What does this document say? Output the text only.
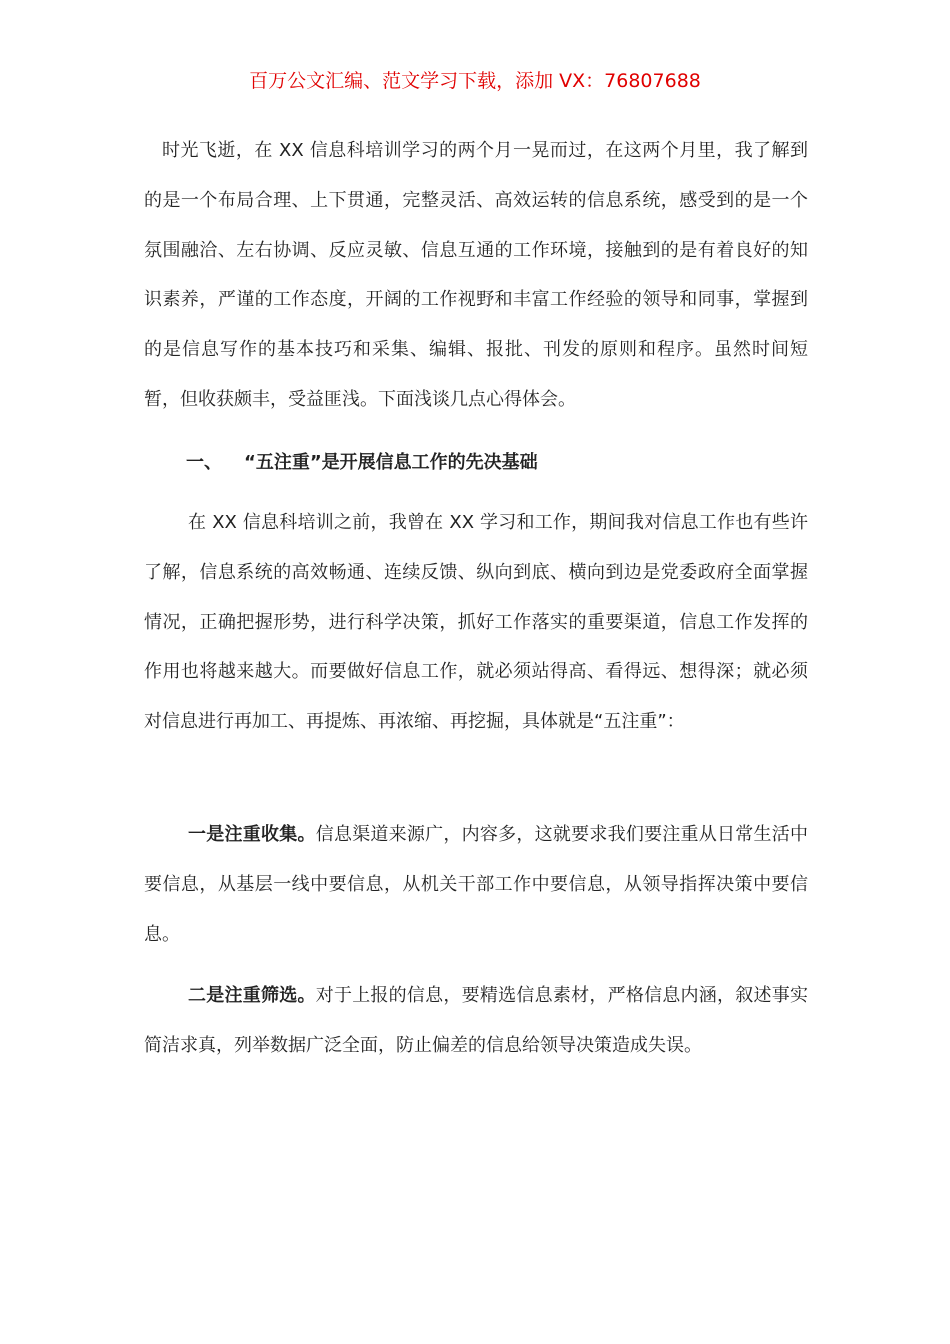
百万公文汇编、范文学习下载，添加 VX：76807688

时光飞逝，在 XX 信息科培训学习的两个月一晃而过，在这两个月里，我了解到的是一个布局合理、上下贯通，完整灵活、高效运转的信息系统，感受到的是一个氛围融洽、左右协调、反应灵敏、信息互通的工作环境，接触到的是有着良好的知识素养，严谨的工作态度，开阔的工作视野和丰富工作经验的领导和同事，掌握到的是信息写作的基本技巧和采集、编辑、报批、刊发的原则和程序。虽然时间短暂，但收获颇丰，受益匪浅。下面浅谈几点心得体会。

一、 “五注重”是开展信息工作的先决基础

在 XX 信息科培训之前，我曾在 XX 学习和工作，期间我对信息工作也有些许了解，信息系统的高效畅通、连续反馈、纵向到底、横向到边是党委政府全面掌握情况，正确把握形势，进行科学决策，抓好工作落实的重要渠道，信息工作发挥的作用也将越来越大。而要做好信息工作，就必须站得高、看得远、想得深；就必须对信息进行再加工、再提炼、再浓缩、再挖掘，具体就是“五注重”：

一是注重收集。信息渠道来源广，内容多，这就要求我们要注重从日常生活中要信息，从基层一线中要信息，从机关干部工作中要信息，从领导指挥决策中要信息。

二是注重筛选。对于上报的信息，要精选信息素材，严格信息内涵，叙述事实简洁求真，列举数据广泛全面，防止偏差的信息给领导决策造成失误。
